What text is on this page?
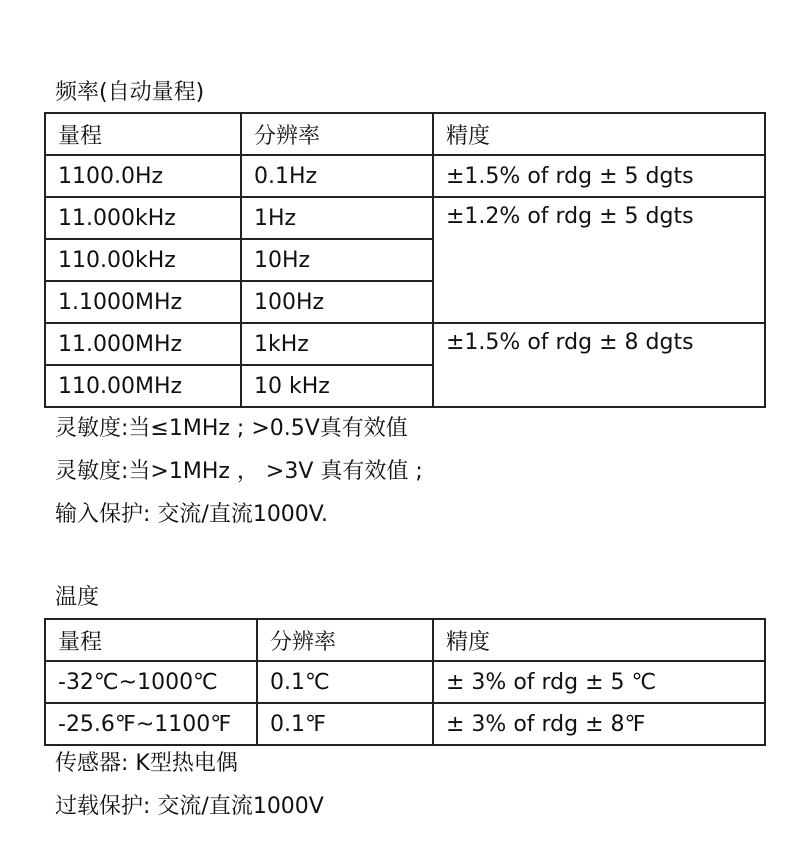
频率(自动量程)
量程	分辨率	精度
1100.0Hz	0.1Hz	±1.5% of rdg ± 5 dgts
11.000kHz	1Hz	±1.2% of rdg ± 5 dgts
110.00kHz	10Hz	
1.1000MHz	100Hz	
11.000MHz	1kHz	±1.5% of rdg ± 8 dgts
110.00MHz	10 kHz	
灵敏度:当≤1MHz ; >0.5V真有效值
灵敏度:当>1MHz ， >3V 真有效值 ;
输入保护: 交流/直流1000V.
温度
量程	分辨率	精度
-32℃~1000℃	0.1℃	± 3% of rdg ± 5 ℃
-25.6℉~1100℉	0.1℉	± 3% of rdg ± 8℉
传感器: K型热电偶
过载保护: 交流/直流1000V
